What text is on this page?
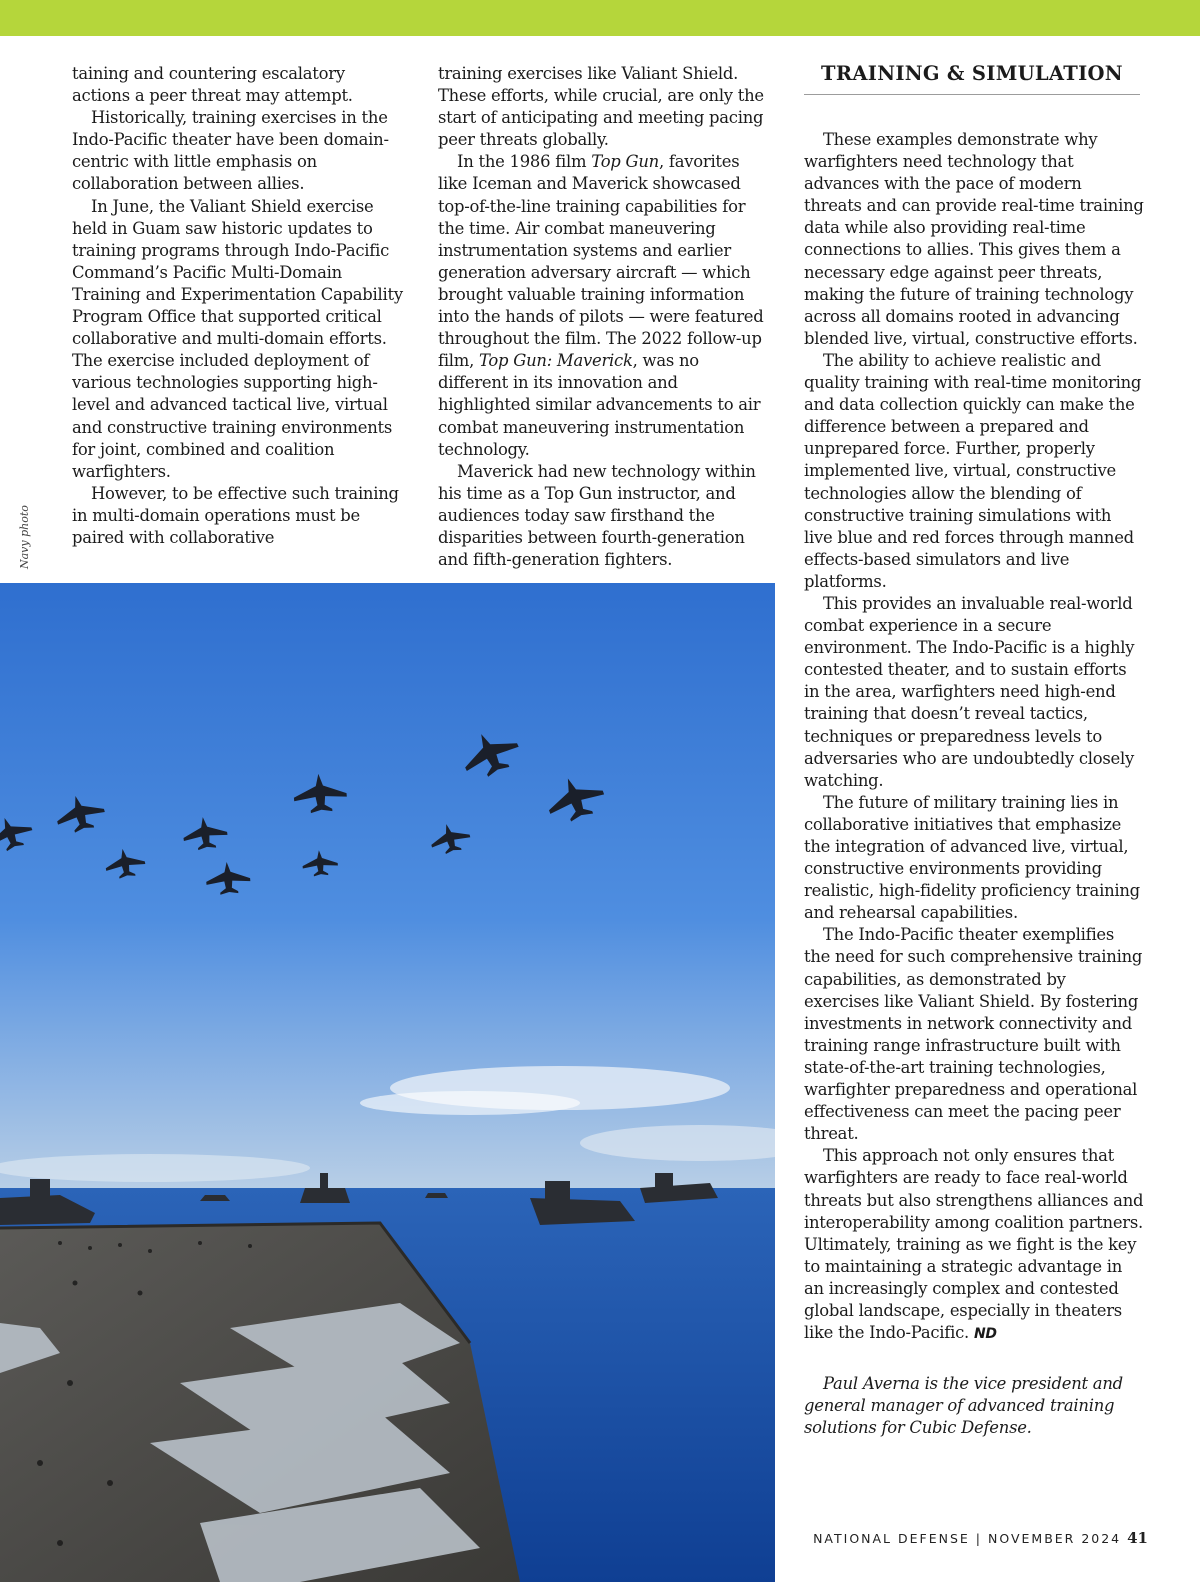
TRAINING & SIMULATION
Navy photo

taining and countering escalatory actions a peer threat may attempt.

Historically, training exercises in the Indo-Pacific theater have been domain-centric with little emphasis on collaboration between allies.

In June, the Valiant Shield exercise held in Guam saw historic updates to training programs through Indo-Pacific Command’s Pacific Multi-Domain Training and Experimentation Capability Program Office that supported critical collaborative and multi-domain efforts. The exercise included deployment of various technologies supporting high-level and advanced tactical live, virtual and constructive training environments for joint, combined and coalition warfighters.

However, to be effective such training in multi-domain operations must be paired with collaborative

training exercises like Valiant Shield. These efforts, while crucial, are only the start of anticipating and meeting pacing peer threats globally.

In the 1986 film Top Gun, favorites like Iceman and Maverick showcased top-of-the-line training capabilities for the time. Air combat maneuvering instrumentation systems and earlier generation adversary aircraft — which brought valuable training information into the hands of pilots — were featured throughout the film. The 2022 follow-up film, Top Gun: Maverick, was no different in its innovation and highlighted similar advancements to air combat maneuvering instrumentation technology.

Maverick had new technology within his time as a Top Gun instructor, and audiences today saw firsthand the disparities between fourth-generation and fifth-generation fighters.

These examples demonstrate why warfighters need technology that advances with the pace of modern threats and can provide real-time training data while also providing real-time connections to allies. This gives them a necessary edge against peer threats, making the future of training technology across all domains rooted in advancing blended live, virtual, constructive efforts.

The ability to achieve realistic and quality training with real-time monitoring and data collection quickly can make the difference between a prepared and unprepared force. Further, properly implemented live, virtual, constructive technologies allow the blending of constructive training simulations with live blue and red forces through manned effects-based simulators and live platforms.

This provides an invaluable real-world combat experience in a secure environment. The Indo-Pacific is a highly contested theater, and to sustain efforts in the area, warfighters need high-end training that doesn’t reveal tactics, techniques or preparedness levels to adversaries who are undoubtedly closely watching.

The future of military training lies in collaborative initiatives that emphasize the integration of advanced live, virtual, constructive environments providing realistic, high-fidelity proficiency training and rehearsal capabilities.

The Indo-Pacific theater exemplifies the need for such comprehensive training capabilities, as demonstrated by exercises like Valiant Shield. By fostering investments in network connectivity and training range infrastructure built with state-of-the-art training technologies, warfighter preparedness and operational effectiveness can meet the pacing peer threat.

This approach not only ensures that warfighters are ready to face real-world threats but also strengthens alliances and interoperability among coalition partners. Ultimately, training as we fight is the key to maintaining a strategic advantage in an increasingly complex and contested global landscape, especially in theaters like the Indo-Pacific. ND

Paul Averna is the vice president and general manager of advanced training solutions for Cubic Defense.

NATIONAL DEFENSE | NOVEMBER 2024 41
